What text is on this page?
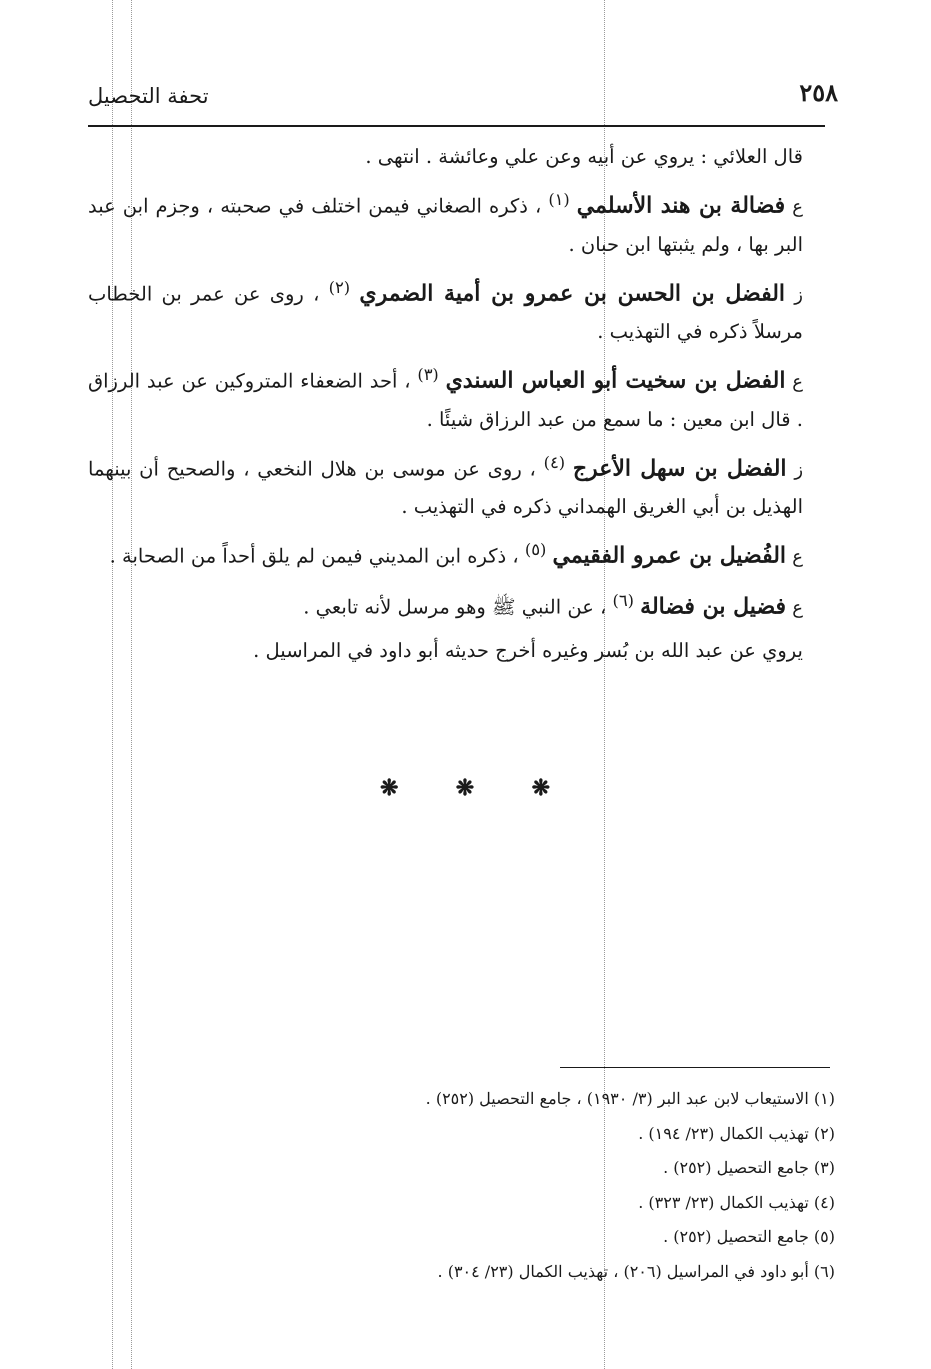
٢٥٨
تحفة التحصيل

قال العلائي : يروي عن أبيه وعن علي وعائشة . انتهى .

ع فضالة بن هند الأسلمي $^{(١)}$ ، ذكره الصغاني فيمن اختلف في صحبته ، وجزم ابن عبد البر بها ، ولم يثبتها ابن حبان .

ز الفضل بن الحسن بن عمرو بن أمية الضمري $^{(٢)}$ ، روى عن عمر بن الخطاب مرسلاً ذكره في التهذيب .

ع الفضل بن سخيت أبو العباس السندي $^{(٣)}$ ، أحد الضعفاء المتروكين عن عبد الرزاق . قال ابن معين : ما سمع من عبد الرزاق شيئًا .

ز الفضل بن سهل الأعرج $^{(٤)}$ ، روى عن موسى بن هلال النخعي ، والصحيح أن بينهما الهذيل بن أبي الغريق الهمداني ذكره في التهذيب .

ع الفُضيل بن عمرو الفقيمي $^{(٥)}$ ، ذكره ابن المديني فيمن لم يلق أحداً من الصحابة .

ع فضيل بن فضالة $^{(٦)}$ ، عن النبي ﷺ وهو مرسل لأنه تابعي .

يروي عن عبد الله بن بُسر وغيره أخرج حديثه أبو داود في المراسيل .

❋	❋	❋
(١) الاستيعاب لابن عبد البر (٣/ ١٩٣٠) ، جامع التحصيل (٢٥٢) .
(٢) تهذيب الكمال (٢٣/ ١٩٤) .
(٣) جامع التحصيل (٢٥٢) .
(٤) تهذيب الكمال (٢٣/ ٣٢٣) .
(٥) جامع التحصيل (٢٥٢) .
(٦) أبو داود في المراسيل (٢٠٦) ، تهذيب الكمال (٢٣/ ٣٠٤) .
